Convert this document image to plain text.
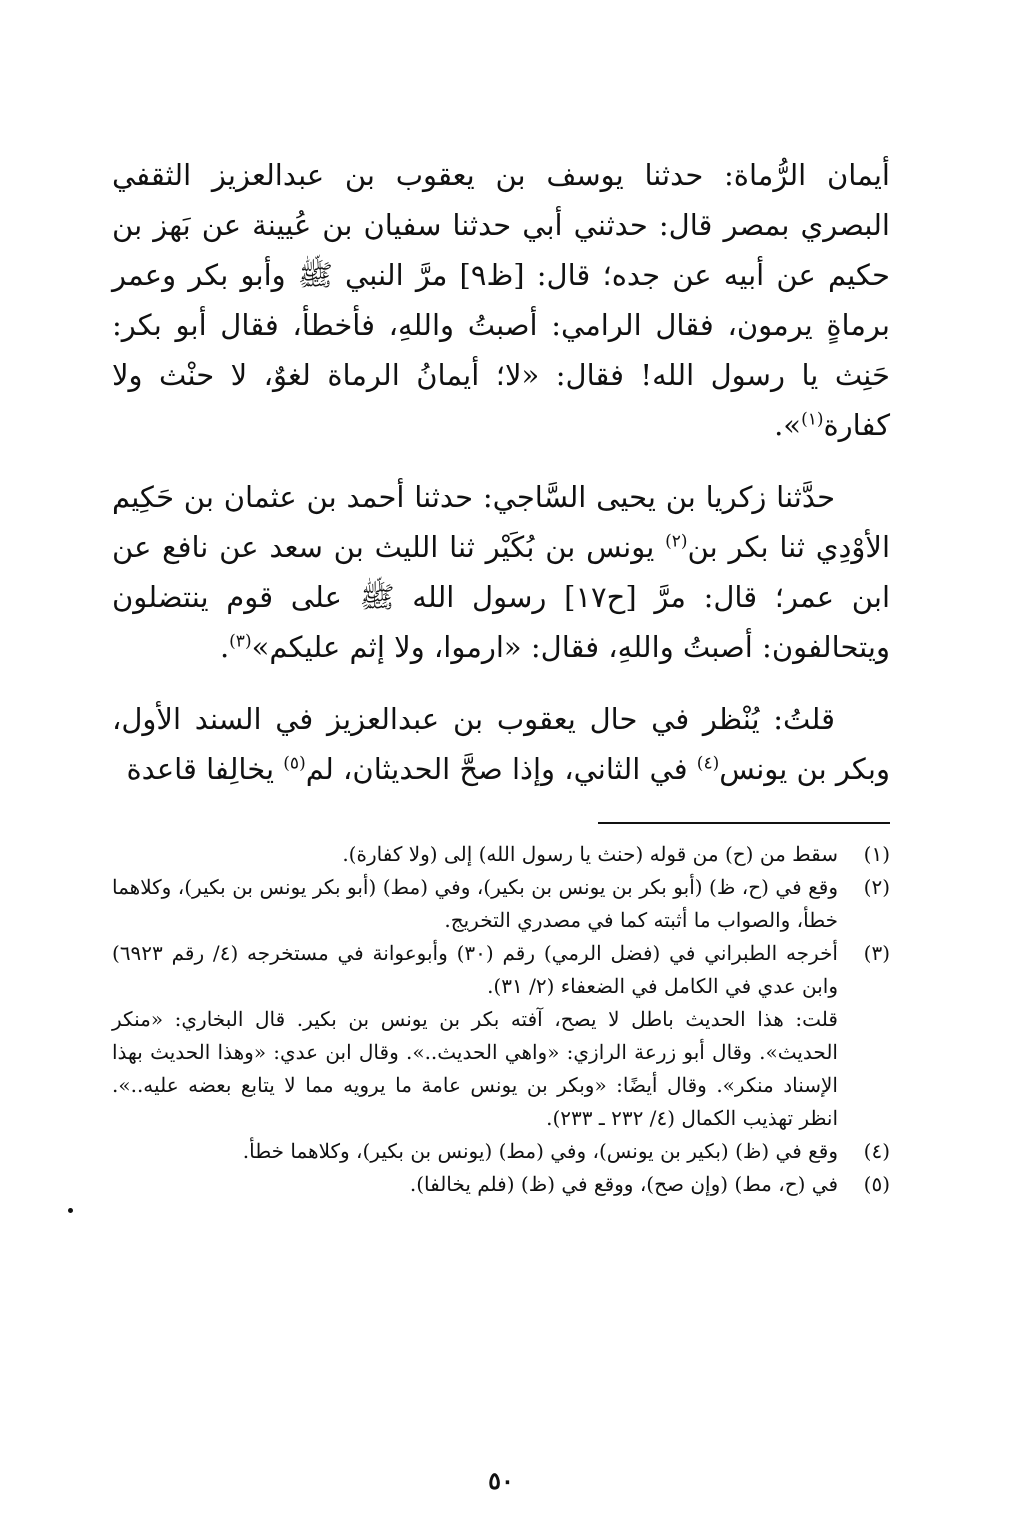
أيمان الرُّماة: حدثنا يوسف بن يعقوب بن عبدالعزيز الثقفي البصري بمصر قال: حدثني أبي حدثنا سفيان بن عُيينة عن بَهز بن حكيم عن أبيه عن جده؛ قال: [ظ٩] مرَّ النبي ﷺ وأبو بكر وعمر برماةٍ يرمون، فقال الرامي: أصبتُ واللهِ، فأخطأ، فقال أبو بكر: حَنِث يا رسول الله! فقال: «لا؛ أيمانُ الرماة لغوٌ، لا حنْث ولا كفارة$^{(١)}$».

حدَّثنا زكريا بن يحيى السَّاجي: حدثنا أحمد بن عثمان بن حَكِيم الأوْدِي ثنا بكر بن$^{(٢)}$ يونس بن بُكَيْر ثنا الليث بن سعد عن نافع عن ابن عمر؛ قال: مرَّ [ح١٧] رسول الله ﷺ على قوم ينتضلون ويتحالفون: أصبتُ واللهِ، فقال: «ارموا، ولا إثم عليكم»$^{(٣)}$.

قلتُ: يُنْظر في حال يعقوب بن عبدالعزيز في السند الأول، وبكر بن يونس$^{(٤)}$ في الثاني، وإذا صحَّ الحديثان، لم$^{(٥)}$ يخالِفا قاعدة

(١)
سقط من (ح) من قوله (حنث يا رسول الله) إلى (ولا كفارة).
(٢)
وقع في (ح، ظ) (أبو بكر بن يونس بن بكير)، وفي (مط) (أبو بكر يونس بن بكير)، وكلاهما خطأ، والصواب ما أثبته كما في مصدري التخريج.
(٣)
أخرجه الطبراني في (فضل الرمي) رقم (٣٠) وأبوعوانة في مستخرجه (٤/ رقم ٦٩٢٣) وابن عدي في الكامل في الضعفاء (٢/ ٣١).
قلت: هذا الحديث باطل لا يصح، آفته بكر بن يونس بن بكير. قال البخاري: «منكر الحديث». وقال أبو زرعة الرازي: «واهي الحديث..». وقال ابن عدي: «وهذا الحديث بهذا الإسناد منكر». وقال أيضًا: «وبكر بن يونس عامة ما يرويه مما لا يتابع بعضه عليه..». انظر تهذيب الكمال (٤/ ٢٣٢ ـ ٢٣٣).
(٤)
وقع في (ظ) (بكير بن يونس)، وفي (مط) (يونس بن بكير)، وكلاهما خطأ.
(٥)
في (ح، مط) (وإن صح)، ووقع في (ظ) (فلم يخالفا).
٥٠
